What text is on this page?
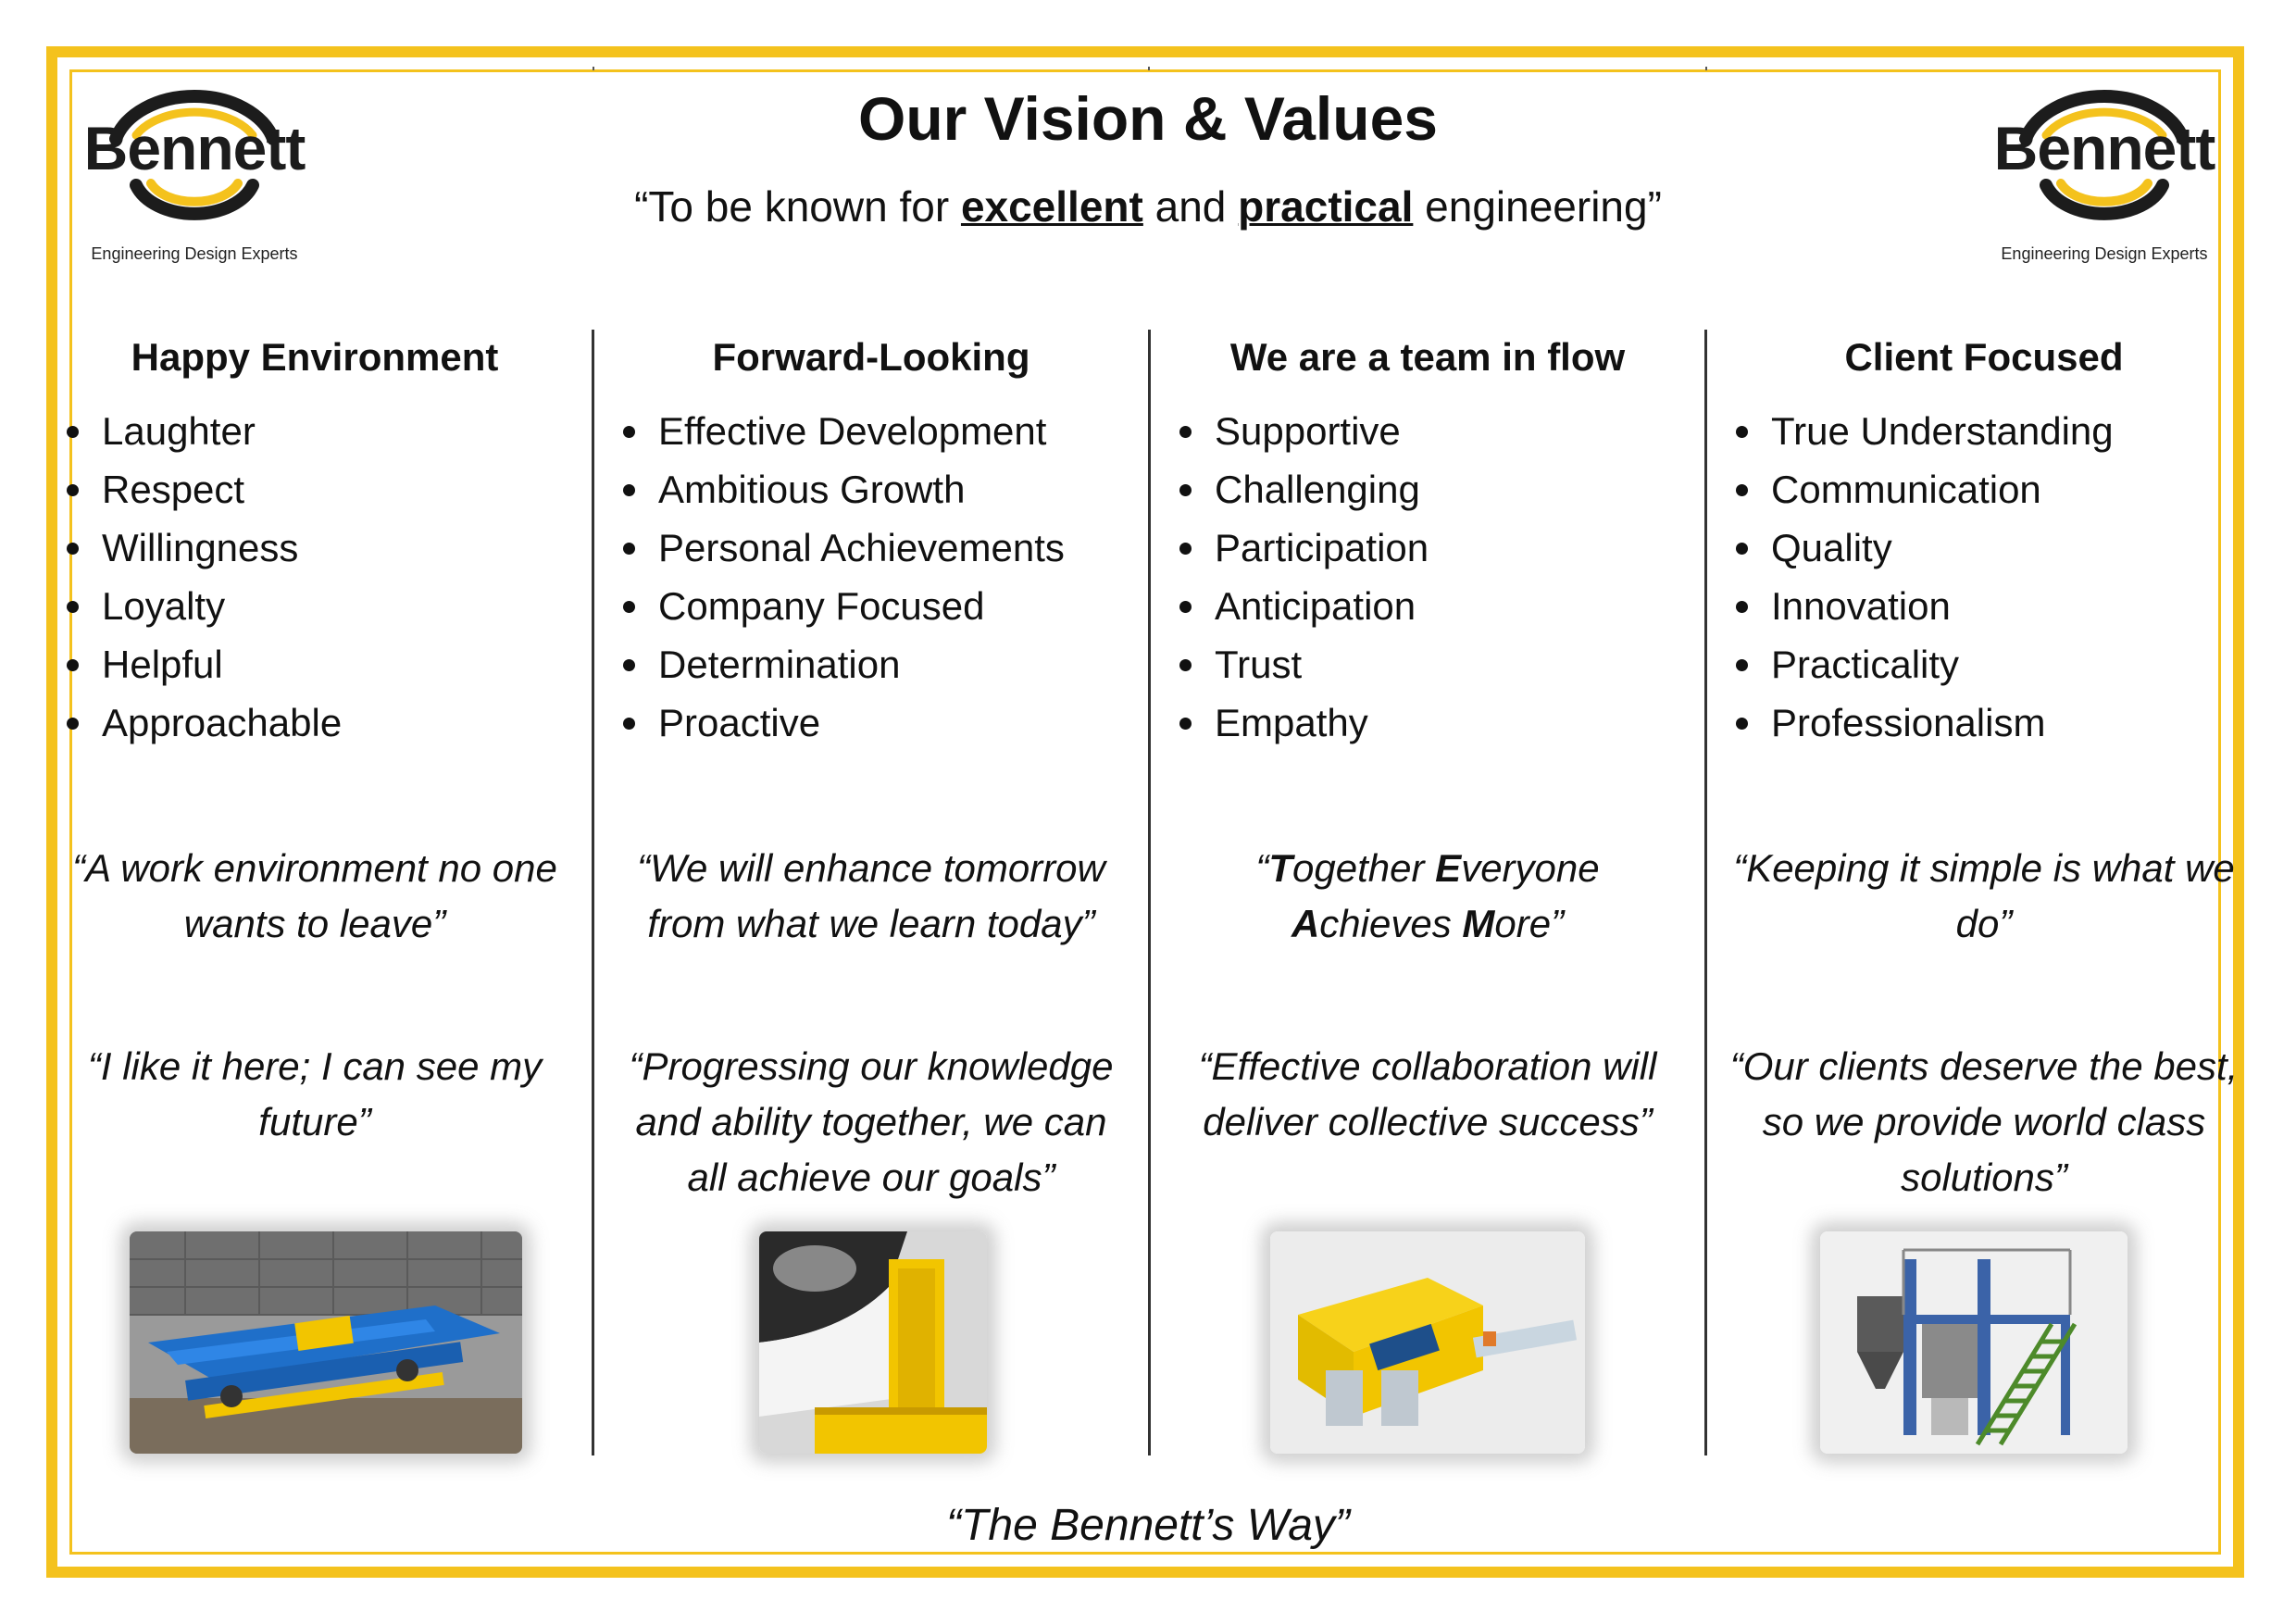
Bennett
Engineering Design Experts
Bennett
Engineering Design Experts
Our Vision & Values
“To be known for excellent and practical engineering”
Happy Environment
Laughter
Respect
Willingness
Loyalty
Helpful
Approachable
“A work environment no one wants to leave”
“I like it here; I can see my future”
Forward-Looking
Effective Development
Ambitious Growth
Personal Achievements
Company Focused
Determination
Proactive
“We will enhance tomorrow from what we learn today”
“Progressing our knowledge and ability together, we can all achieve our goals”
We are a team in flow
Supportive
Challenging
Participation
Anticipation
Trust
Empathy
“Together Everyone Achieves More”
“Effective collaboration will deliver collective success”
Client Focused
True Understanding
Communication
Quality
Innovation
Practicality
Professionalism
“Keeping it simple is what we do”
“Our clients deserve the best, so we provide world class solutions”
“The Bennett’s Way”
